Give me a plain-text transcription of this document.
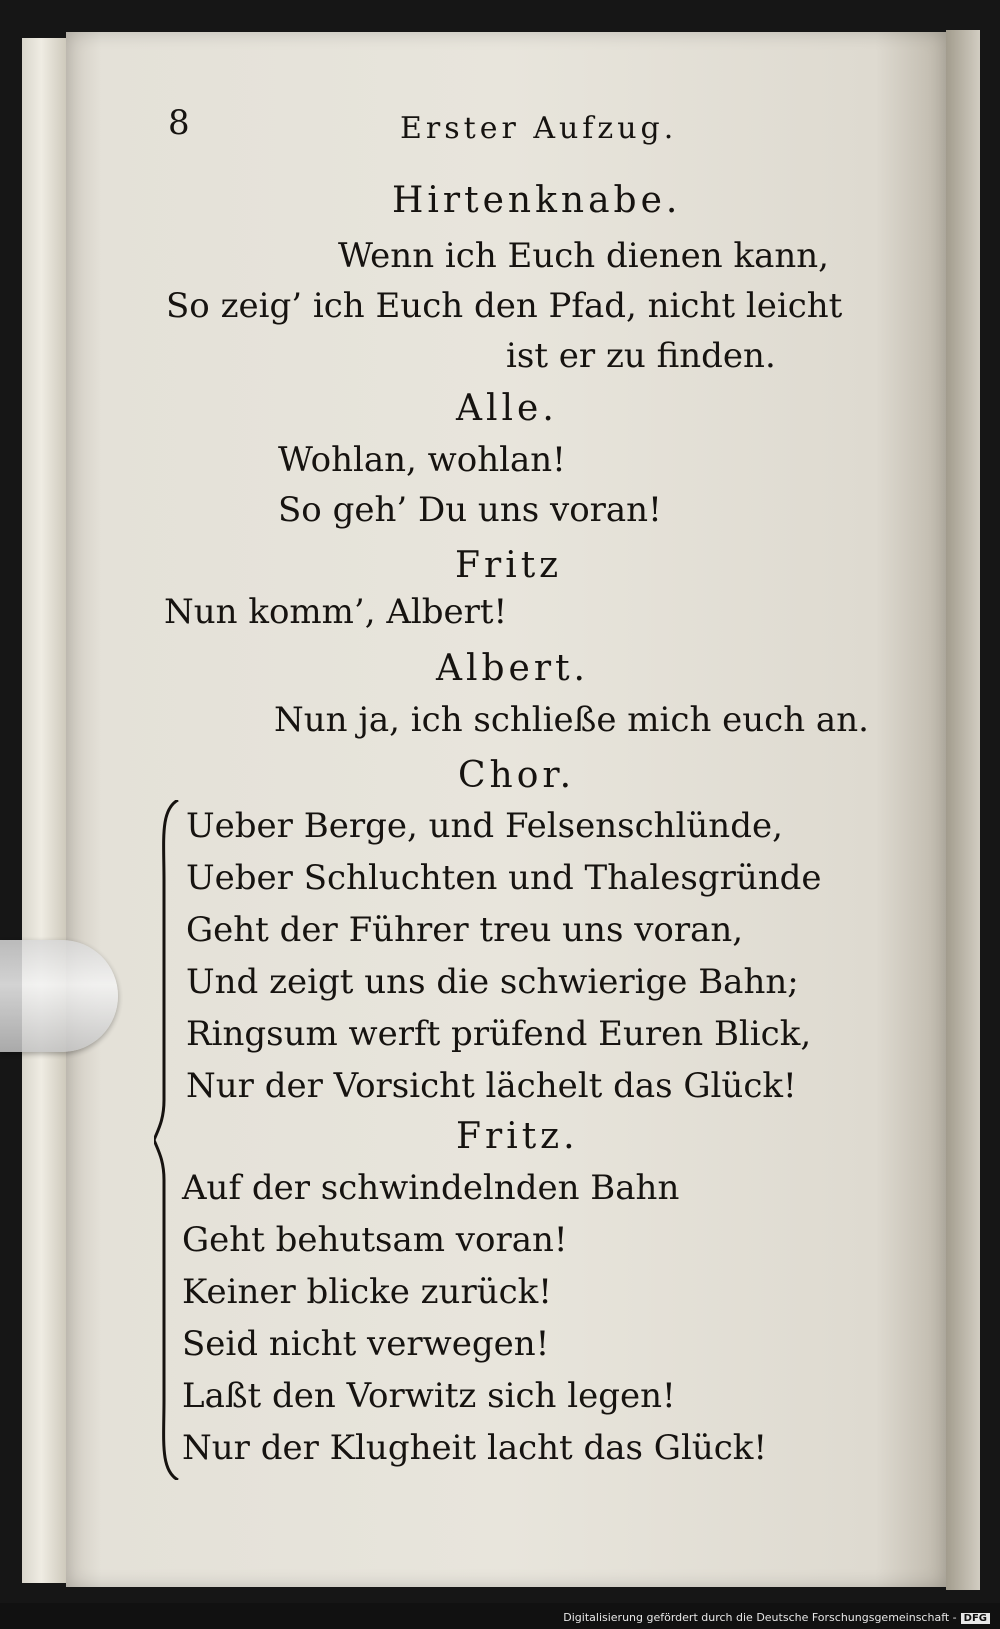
8	Erster Aufzug.
Hirtenknabe.
Wenn ich Euch dienen kann,
So zeig’ ich Euch den Pfad, nicht leicht
ist er zu finden.
Alle.
Wohlan, wohlan!
So geh’ Du uns voran!
Fritz
Nun komm’, Albert!
Albert.
Nun ja, ich schließe mich euch an.
Chor.
Ueber Berge, und Felsenschlünde,
Ueber Schluchten und Thalesgründe
Geht der Führer treu uns voran,
Und zeigt uns die schwierige Bahn;
Ringsum werft prüfend Euren Blick,
Nur der Vorsicht lächelt das Glück!
Fritz.
Auf der schwindelnden Bahn
Geht behutsam voran!
Keiner blicke zurück!
Seid nicht verwegen!
Laßt den Vorwitz sich legen!
Nur der Klugheit lacht das Glück!
Digitalisierung gefördert durch die Deutsche Forschungsgemeinschaft - DFG
